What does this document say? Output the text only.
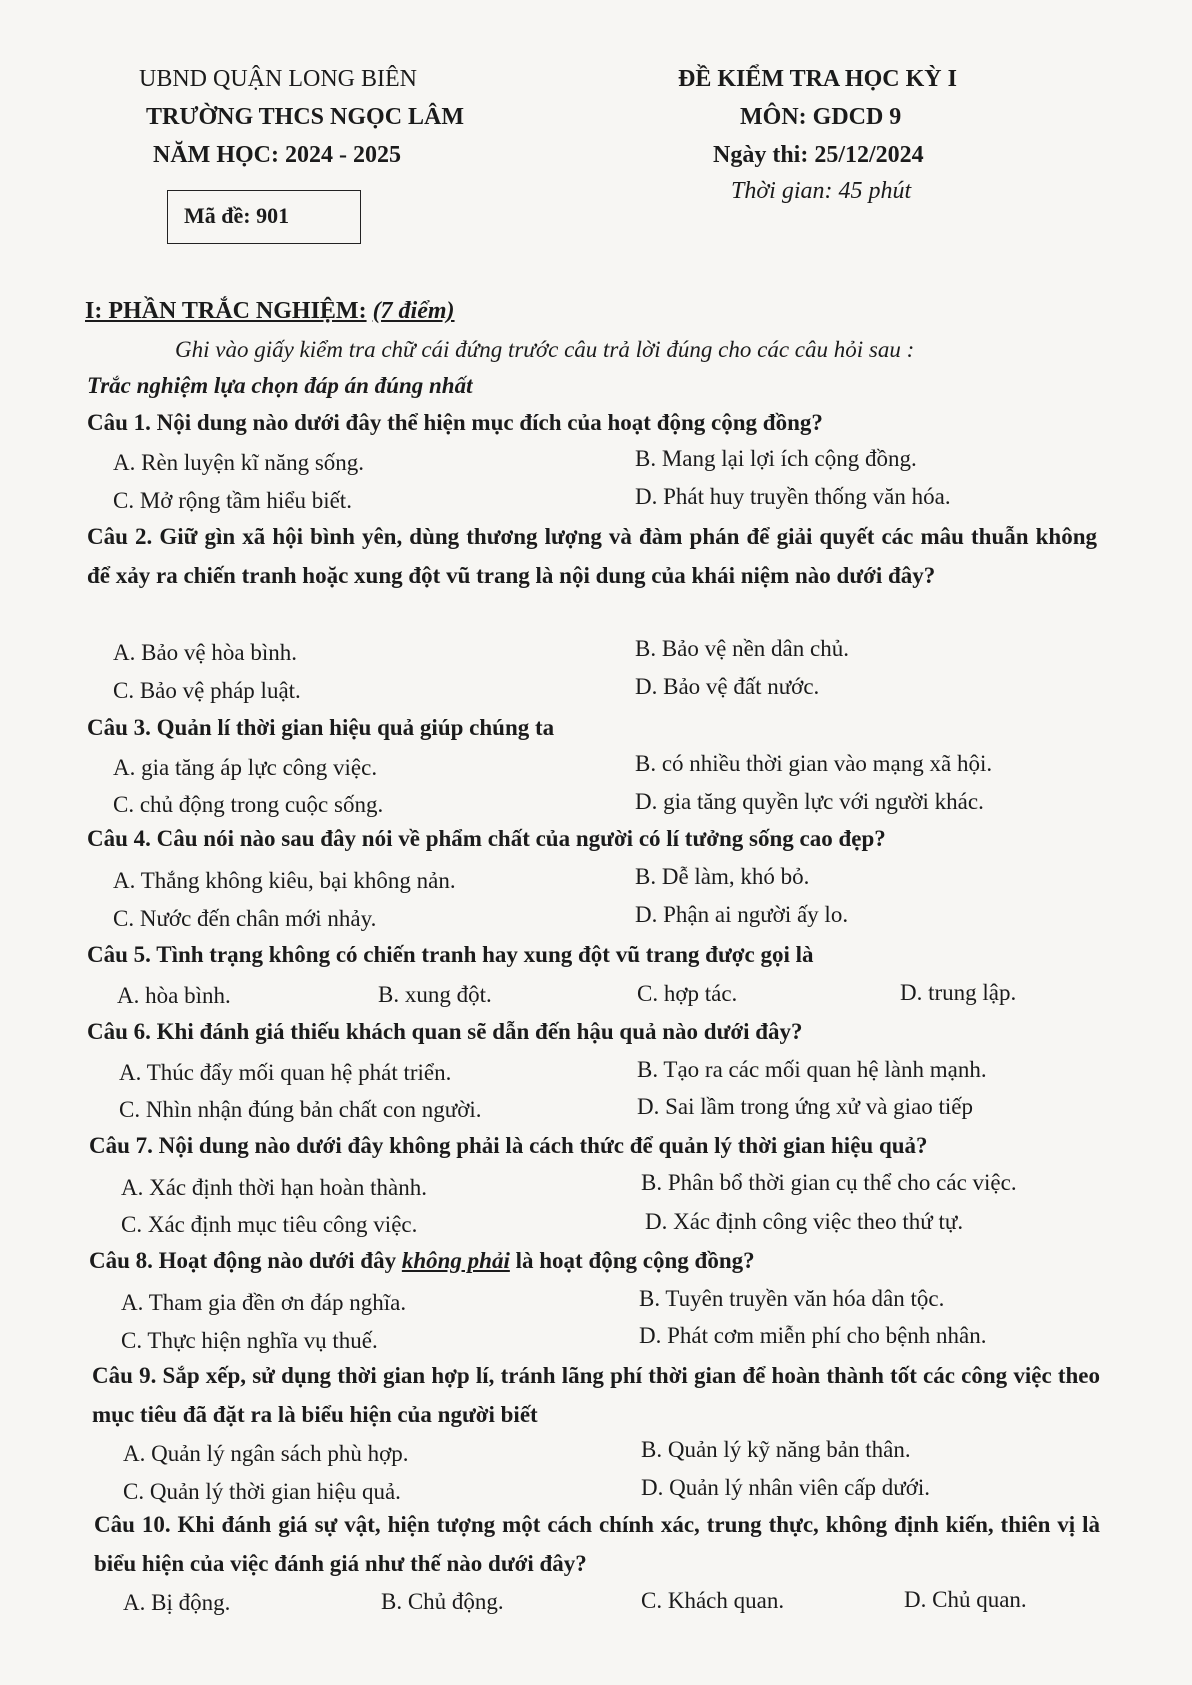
UBND QUẬN LONG BIÊN
TRƯỜNG THCS NGỌC LÂM
NĂM HỌC: 2024 - 2025
ĐỀ KIỂM TRA HỌC KỲ I
MÔN: GDCD 9
Ngày thi: 25/12/2024
Thời gian: 45 phút
Mã đề: 901
I: PHẦN TRẮC NGHIỆM: (7 điểm)
Ghi vào giấy kiểm tra chữ cái đứng trước câu trả lời đúng cho các câu hỏi sau :
Trắc nghiệm lựa chọn đáp án đúng nhất
Câu 1. Nội dung nào dưới đây thể hiện mục đích của hoạt động cộng đồng?
A. Rèn luyện kĩ năng sống.	B. Mang lại lợi ích cộng đồng.
C. Mở rộng tầm hiểu biết.	D. Phát huy truyền thống văn hóa.
Câu 2. Giữ gìn xã hội bình yên, dùng thương lượng và đàm phán để giải quyết các mâu thuẫn không để xảy ra chiến tranh hoặc xung đột vũ trang là nội dung của khái niệm nào dưới đây?
A. Bảo vệ hòa bình.	B. Bảo vệ nền dân chủ.
C. Bảo vệ pháp luật.	D. Bảo vệ đất nước.
Câu 3. Quản lí thời gian hiệu quả giúp chúng ta
A. gia tăng áp lực công việc.	B. có nhiều thời gian vào mạng xã hội.
C. chủ động trong cuộc sống.	D. gia tăng quyền lực với người khác.
Câu 4. Câu nói nào sau đây nói về phẩm chất của người có lí tưởng sống cao đẹp?
A. Thắng không kiêu, bại không nản.	B. Dễ làm, khó bỏ.
C. Nước đến chân mới nhảy.	D. Phận ai người ấy lo.
Câu 5. Tình trạng không có chiến tranh hay xung đột vũ trang được gọi là
A. hòa bình.	B. xung đột.	C. hợp tác.	D. trung lập.
Câu 6. Khi đánh giá thiếu khách quan sẽ dẫn đến hậu quả nào dưới đây?
A. Thúc đẩy mối quan hệ phát triển.	B. Tạo ra các mối quan hệ lành mạnh.
C. Nhìn nhận đúng bản chất con người.	D. Sai lầm trong ứng xử và giao tiếp
Câu 7. Nội dung nào dưới đây không phải là cách thức để quản lý thời gian hiệu quả?
A. Xác định thời hạn hoàn thành.	B. Phân bổ thời gian cụ thể cho các việc.
C. Xác định mục tiêu công việc.	D. Xác định công việc theo thứ tự.
Câu 8. Hoạt động nào dưới đây không phải là hoạt động cộng đồng?
A. Tham gia đền ơn đáp nghĩa.	B. Tuyên truyền văn hóa dân tộc.
C. Thực hiện nghĩa vụ thuế.	D. Phát cơm miễn phí cho bệnh nhân.
Câu 9. Sắp xếp, sử dụng thời gian hợp lí, tránh lãng phí thời gian để hoàn thành tốt các công việc theo mục tiêu đã đặt ra là biểu hiện của người biết
A. Quản lý ngân sách phù hợp.	B. Quản lý kỹ năng bản thân.
C. Quản lý thời gian hiệu quả.	D. Quản lý nhân viên cấp dưới.
Câu 10. Khi đánh giá sự vật, hiện tượng một cách chính xác, trung thực, không định kiến, thiên vị là biểu hiện của việc đánh giá như thế nào dưới đây?
A. Bị động.	B. Chủ động.	C. Khách quan.	D. Chủ quan.
